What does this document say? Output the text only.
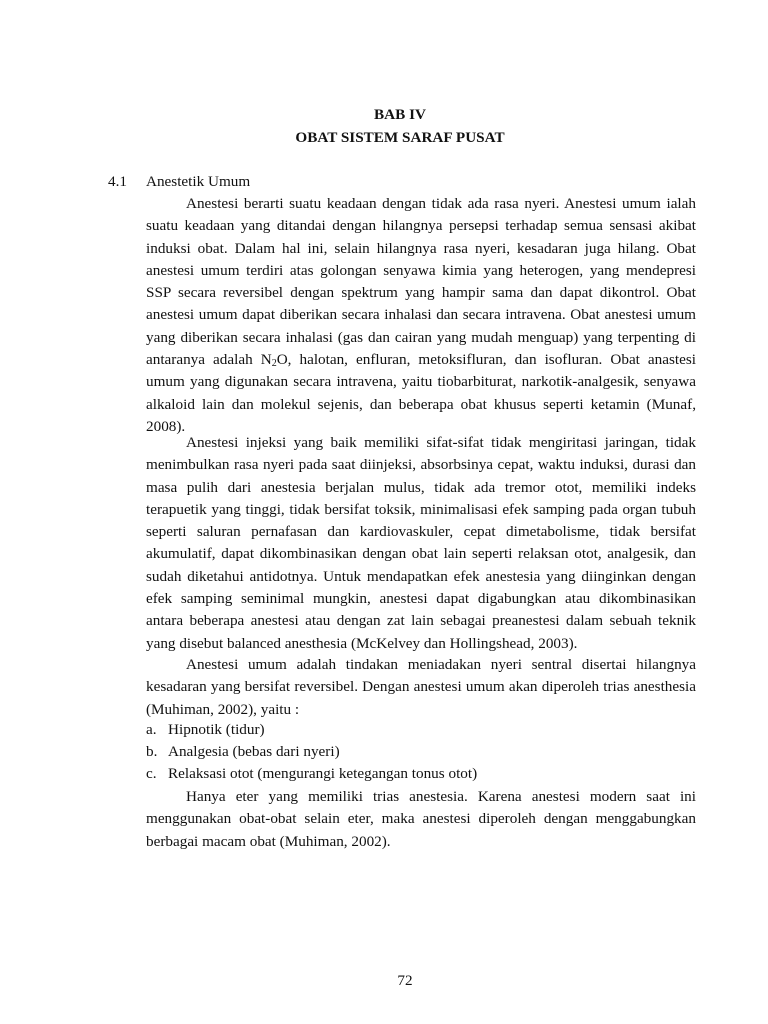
BAB IV
OBAT SISTEM SARAF PUSAT
4.1 Anestetik Umum

Anestesi berarti suatu keadaan dengan tidak ada rasa nyeri. Anestesi umum ialah suatu keadaan yang ditandai dengan hilangnya persepsi terhadap semua sensasi akibat induksi obat. Dalam hal ini, selain hilangnya rasa nyeri, kesadaran juga hilang. Obat anestesi umum terdiri atas golongan senyawa kimia yang heterogen, yang mendepresi SSP secara reversibel dengan spektrum yang hampir sama dan dapat dikontrol. Obat anestesi umum dapat diberikan secara inhalasi dan secara intravena. Obat anestesi umum yang diberikan secara inhalasi (gas dan cairan yang mudah menguap) yang terpenting di antaranya adalah $N_2O$, halotan, enfluran, metoksifluran, dan isofluran. Obat anastesi umum yang digunakan secara intravena, yaitu tiobarbiturat, narkotik-analgesik, senyawa alkaloid lain dan molekul sejenis, dan beberapa obat khusus seperti ketamin (Munaf, 2008).

Anestesi injeksi yang baik memiliki sifat-sifat tidak mengiritasi jaringan, tidak menimbulkan rasa nyeri pada saat diinjeksi, absorbsinya cepat, waktu induksi, durasi dan masa pulih dari anestesia berjalan mulus, tidak ada tremor otot, memiliki indeks terapuetik yang tinggi, tidak bersifat toksik, minimalisasi efek samping pada organ tubuh seperti saluran pernafasan dan kardiovaskuler, cepat dimetabolisme, tidak bersifat akumulatif, dapat dikombinasikan dengan obat lain seperti relaksan otot, analgesik, dan sudah diketahui antidotnya. Untuk mendapatkan efek anestesia yang diinginkan dengan efek samping seminimal mungkin, anestesi dapat digabungkan atau dikombinasikan antara beberapa anestesi atau dengan zat lain sebagai preanestesi dalam sebuah teknik yang disebut balanced anesthesia (McKelvey dan Hollingshead, 2003).

Anestesi umum adalah tindakan meniadakan nyeri sentral disertai hilangnya kesadaran yang bersifat reversibel. Dengan anestesi umum akan diperoleh trias anesthesia (Muhiman, 2002), yaitu :

a. Hipnotik (tidur)
b. Analgesia (bebas dari nyeri)
c. Relaksasi otot (mengurangi ketegangan tonus otot)

Hanya eter yang memiliki trias anestesia. Karena anestesi modern saat ini menggunakan obat-obat selain eter, maka anestesi diperoleh dengan menggabungkan berbagai macam obat (Muhiman, 2002).

72
